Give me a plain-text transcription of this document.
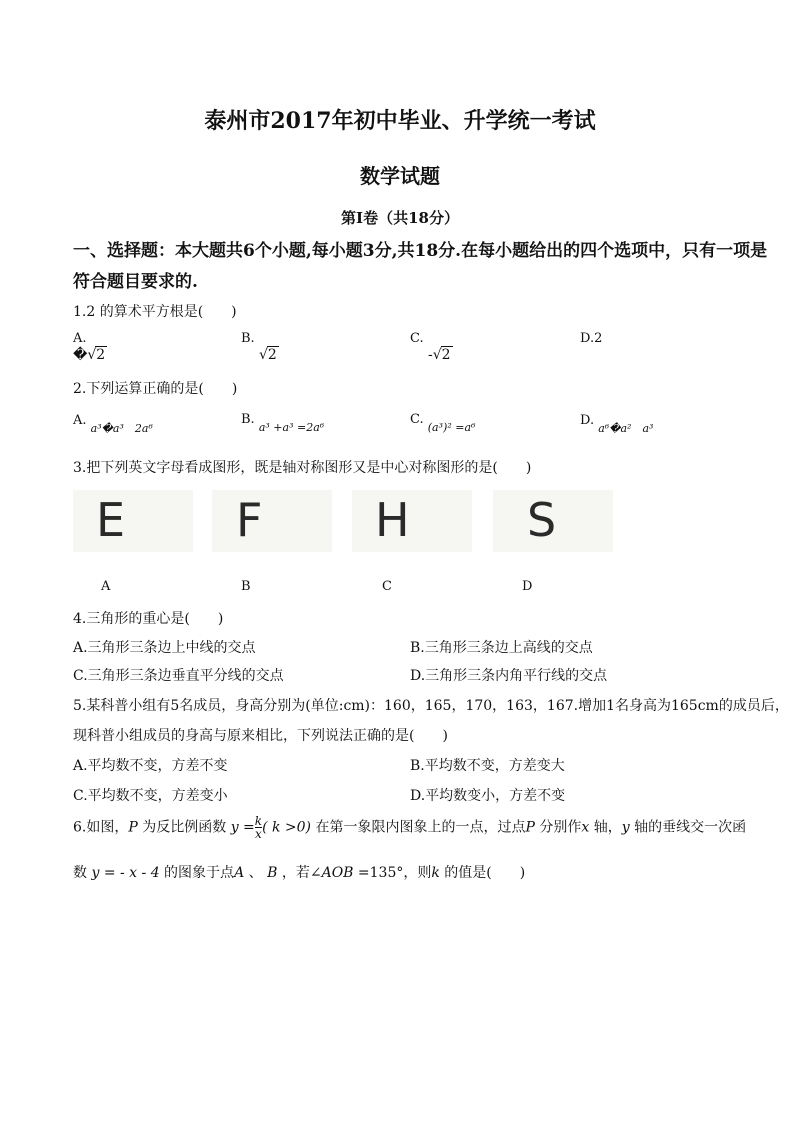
泰州市2017年初中毕业、升学统一考试
数学试题
第Ⅰ卷（共18分）
一、选择题：本大题共6个小题,每小题3分,共18分.在每小题给出的四个选项中，只有一项是
符合题目要求的.
1.2 的算术平方根是(　　)
A.
�√2
B.
√2
C.
-√2
D.2
2.下列运算正确的是(　　)
A. $_{a^3�a^3 2a^6}$
B. $_{a^3 +a^3 =2a^6}$
C. $_{(a^3)^2 =a^6}$	D. $_{a^6�a^2 a^3}$
3.把下列英文字母看成图形，既是轴对称图形又是中心对称图形的是(　　)
E F H	S
A	B	C	D
4.三角形的重心是(　　)
A.三角形三条边上中线的交点	B.三角形三条边上高线的交点
C.三角形三条边垂直平分线的交点	D.三角形三条内角平行线的交点
5.某科普小组有5名成员，身高分别为(单位:cm)：160，165，170，163，167.增加1名身高为165cm的成员后，
现科普小组成员的身高与原来相比，下列说法正确的是(　　)
A.平均数不变，方差不变	B.平均数不变，方差变大
C.平均数不变，方差变小	D.平均数变小，方差不变
6.如图，P 为反比例函数 $y = \frac{k}{x}$ ( k >0) 在第一象限内图象上的一点，过点P 分别作x 轴，y 轴的垂线交一次函
数 y = - x - 4 的图象于点A 、 B ，若∠AOB =135°，则k 的值是(　　)
